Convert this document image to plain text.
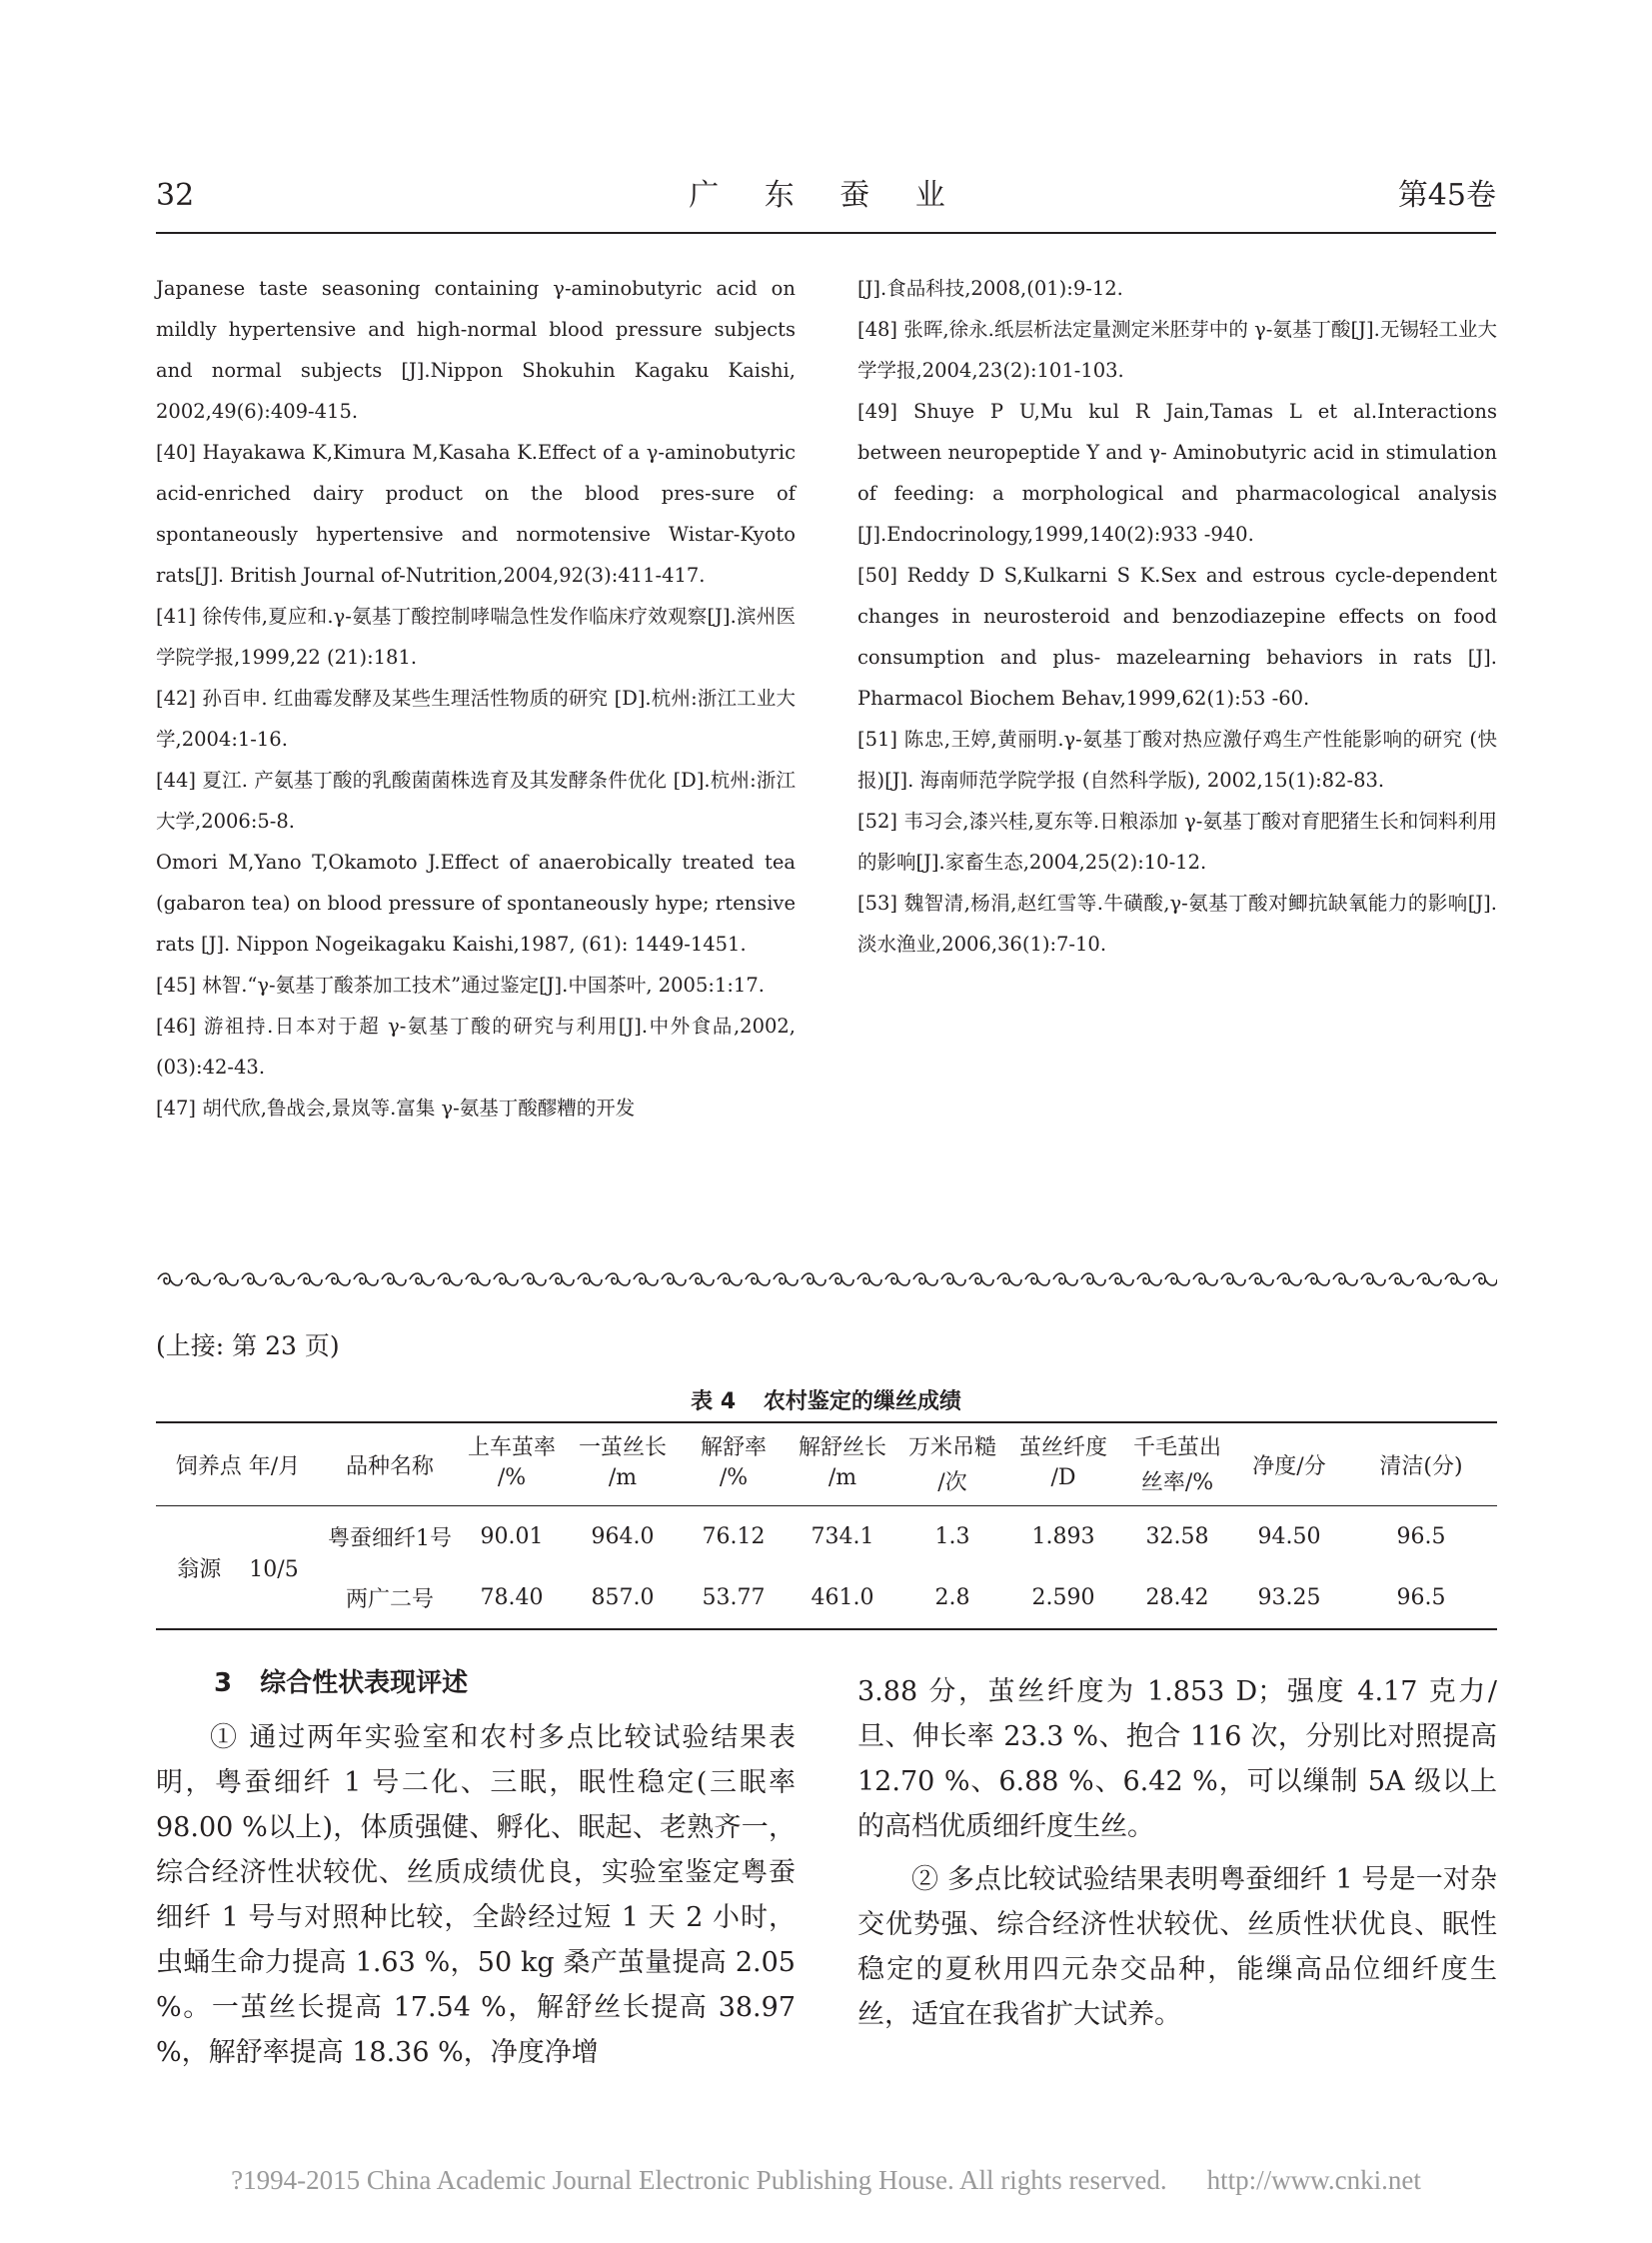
广 东 蚕 业
32	第45卷
Japanese taste seasoning containing γ-aminobutyric acid on mildly hypertensive and high-normal blood pressure subjects and normal subjects [J].Nippon Shokuhin Kagaku Kaishi, 2002,49(6):409-415.
[40] Hayakawa K,Kimura M,Kasaha K.Effect of a γ-aminobutyric acid-enriched dairy product on the blood pres-sure of spontaneously hypertensive and normotensive Wistar-Kyoto rats[J]. British Journal of-Nutrition,2004,92(3):411-417.
[41] 徐传伟,夏应和.γ-氨基丁酸控制哮喘急性发作临床疗效观察[J].滨州医学院学报,1999,22 (21):181.
[42] 孙百申. 红曲霉发酵及某些生理活性物质的研究 [D].杭州:浙江工业大学,2004:1-16.
[44] 夏江. 产氨基丁酸的乳酸菌菌株选育及其发酵条件优化 [D].杭州:浙江大学,2006:5-8.
Omori M,Yano T,Okamoto J.Effect of anaerobically treated tea (gabaron tea) on blood pressure of spontaneously hype; rtensive rats [J]. Nippon Nogeikagaku Kaishi,1987, (61): 1449-1451.
[45] 林智.“γ-氨基丁酸茶加工技术”通过鉴定[J].中国茶叶, 2005:1:17.
[46] 游祖持.日本对于超 γ-氨基丁酸的研究与利用[J].中外食品,2002,(03):42-43.
[47] 胡代欣,鲁战会,景岚等.富集 γ-氨基丁酸醪糟的开发
[J].食品科技,2008,(01):9-12.
[48] 张晖,徐永.纸层析法定量测定米胚芽中的 γ-氨基丁酸[J].无锡轻工业大学学报,2004,23(2):101-103.
[49] Shuye P U,Mu kul R Jain,Tamas L et al.Interactions between neuropeptide Y and γ- Aminobutyric acid in stimulation of feeding: a morphological and pharmacological analysis [J].Endocrinology,1999,140(2):933 -940.
[50] Reddy D S,Kulkarni S K.Sex and estrous cycle-dependent changes in neurosteroid and benzodiazepine effects on food consumption and plus- mazelearning behaviors in rats [J]. Pharmacol Biochem Behav,1999,62(1):53 -60.
[51] 陈忠,王婷,黄丽明.γ-氨基丁酸对热应激仔鸡生产性能影响的研究 (快报)[J]. 海南师范学院学报 (自然科学版), 2002,15(1):82-83.
[52] 韦习会,漆兴桂,夏东等.日粮添加 γ-氨基丁酸对育肥猪生长和饲料利用的影响[J].家畜生态,2004,25(2):10-12.
[53] 魏智清,杨涓,赵红雪等.牛磺酸,γ-氨基丁酸对鲫抗缺氧能力的影响[J].淡水渔业,2006,36(1):7-10.
(上接: 第 23 页)
表 4 农村鉴定的缫丝成绩
饲养点 年/月	品种名称	上车茧率	一茧丝长	解舒率	解舒丝长	万米吊糙	茧丝纤度	千毛茧出	净度/分	清洁(分)
		/%	/m	/%	/m	/次	/D	丝率/%		
翁源 10/5	粤蚕细纤1号	90.01	964.0	76.12	734.1	1.3	1.893	32.58	94.50	96.5
	两广二号	78.40	857.0	53.77	461.0	2.8	2.590	28.42	93.25	96.5
3 综合性状表现评述

① 通过两年实验室和农村多点比较试验结果表明，粤蚕细纤 1 号二化、三眠，眠性稳定(三眠率 98.00 %以上)，体质强健、孵化、眠起、老熟齐一，综合经济性状较优、丝质成绩优良，实验室鉴定粤蚕细纤 1 号与对照种比较，全龄经过短 1 天 2 小时，虫蛹生命力提高 1.63 %，50 kg 桑产茧量提高 2.05 %。一茧丝长提高 17.54 %，解舒丝长提高 38.97 %，解舒率提高 18.36 %，净度净增

3.88 分，茧丝纤度为 1.853 D；强度 4.17 克力/旦、伸长率 23.3 %、抱合 116 次，分别比对照提高 12.70 %、6.88 %、6.42 %，可以缫制 5A 级以上的高档优质细纤度生丝。

② 多点比较试验结果表明粤蚕细纤 1 号是一对杂交优势强、综合经济性状较优、丝质性状优良、眠性稳定的夏秋用四元杂交品种，能缫高品位细纤度生丝，适宜在我省扩大试养。

?1994-2015 China Academic Journal Electronic Publishing House. All rights reserved. http://www.cnki.net
